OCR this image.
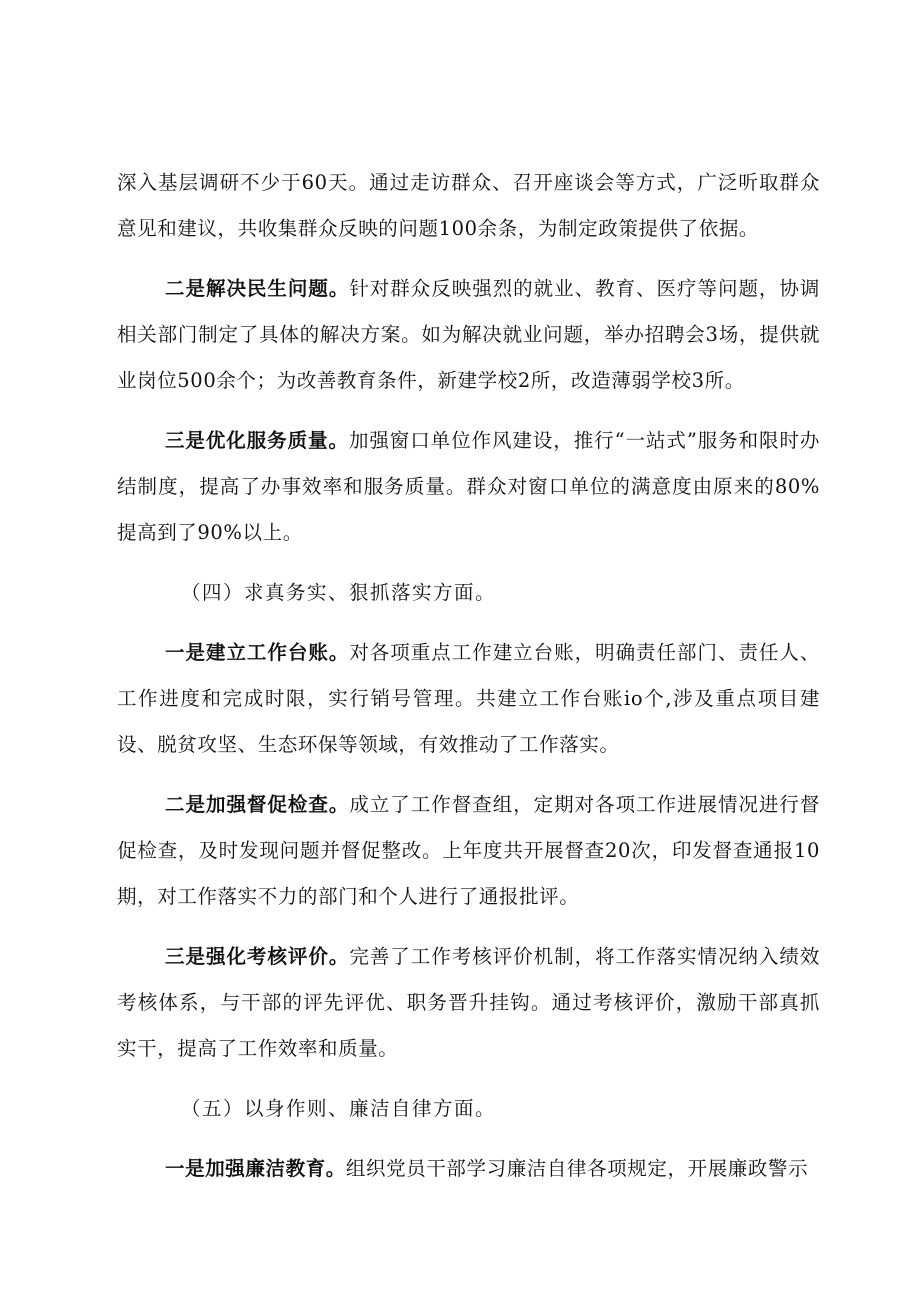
深入基层调研不少于60天。通过走访群众、召开座谈会等方式，广泛听取群众意见和建议，共收集群众反映的问题100余条，为制定政策提供了依据。

二是解决民生问题。针对群众反映强烈的就业、教育、医疗等问题，协调相关部门制定了具体的解决方案。如为解决就业问题，举办招聘会3场，提供就业岗位500余个；为改善教育条件，新建学校2所，改造薄弱学校3所。

三是优化服务质量。加强窗口单位作风建设，推行“一站式”服务和限时办结制度，提高了办事效率和服务质量。群众对窗口单位的满意度由原来的80%提高到了90%以上。

（四）求真务实、狠抓落实方面。

一是建立工作台账。对各项重点工作建立台账，明确责任部门、责任人、工作进度和完成时限，实行销号管理。共建立工作台账io个,涉及重点项目建设、脱贫攻坚、生态环保等领域，有效推动了工作落实。

二是加强督促检查。成立了工作督查组，定期对各项工作进展情况进行督促检查，及时发现问题并督促整改。上年度共开展督查20次，印发督查通报10期，对工作落实不力的部门和个人进行了通报批评。

三是强化考核评价。完善了工作考核评价机制，将工作落实情况纳入绩效考核体系，与干部的评先评优、职务晋升挂钩。通过考核评价，激励干部真抓实干，提高了工作效率和质量。

（五）以身作则、廉洁自律方面。

一是加强廉洁教育。组织党员干部学习廉洁自律各项规定，开展廉政警示
